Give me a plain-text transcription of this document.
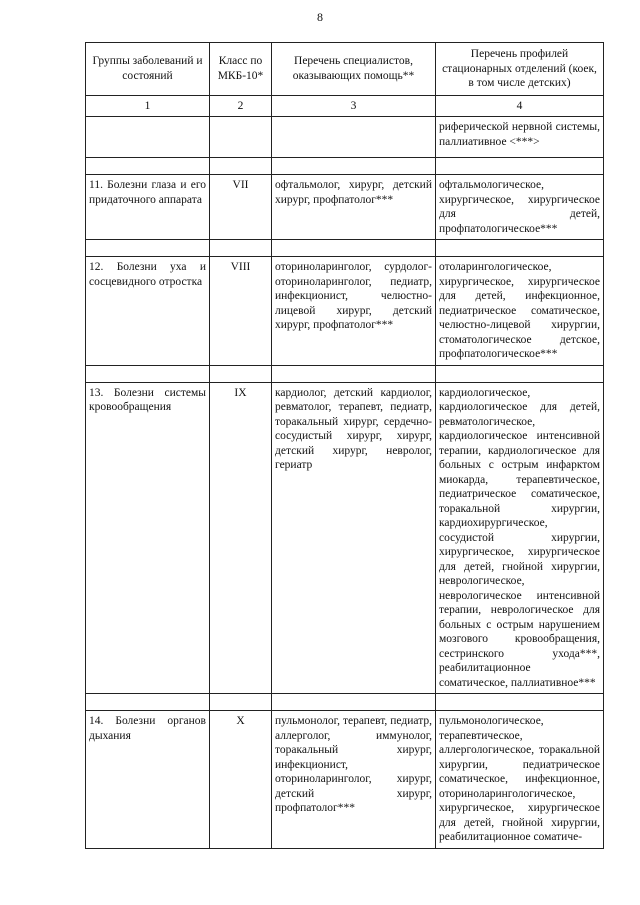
8
Группы заболеваний и состояний	Класс по МКБ-10*	Перечень специалистов, оказывающих помощь**	Перечень профилей стационарных отделений (коек, в том числе детских)
1	2	3	4
			риферической нервной системы, паллиативное <***>

11. Болезни глаза и его придаточного аппарата	VII	офтальмолог, хирург, детский хирург, профпатолог***	офтальмологическое, хирургическое, хирургическое для детей, профпатологическое***

12. Болезни уха и сосцевидного отростка	VIII	оториноларинголог, сурдолог-оториноларинголог, педиатр, инфекционист, челюстно-лицевой хирург, детский хирург, профпатолог***	отоларингологическое, хирургическое, хирургическое для детей, инфекционное, педиатрическое соматическое, челюстно-лицевой хирургии, стоматологическое детское, профпатологическое***

13. Болезни системы кровообращения	IX	кардиолог, детский кардиолог, ревматолог, терапевт, педиатр, торакальный хирург, сердечно-сосудистый хирург, хирург, детский хирург, невролог, гериатр	кардиологическое, кардиологическое для детей, ревматологическое, кардиологическое интенсивной терапии, кардиологическое для больных с острым инфарктом миокарда, терапевтическое, педиатрическое соматическое, торакальной хирургии, кардиохирургическое, сосудистой хирургии, хирургическое, хирургическое для детей, гнойной хирургии, неврологическое, неврологическое интенсивной терапии, неврологическое для больных с острым нарушением мозгового кровообращения, сестринского ухода***, реабилитационное соматическое, паллиативное***

14. Болезни органов дыхания	X	пульмонолог, терапевт, педиатр, аллерголог, иммунолог, торакальный хирург, инфекционист, оториноларинголог, хирург, детский хирург, профпатолог***	пульмонологическое, терапевтическое, аллергологическое, торакальной хирургии, педиатрическое соматическое, инфекционное, оториноларингологическое, хирургическое, хирургическое для детей, гнойной хирургии, реабилитационное соматиче-
